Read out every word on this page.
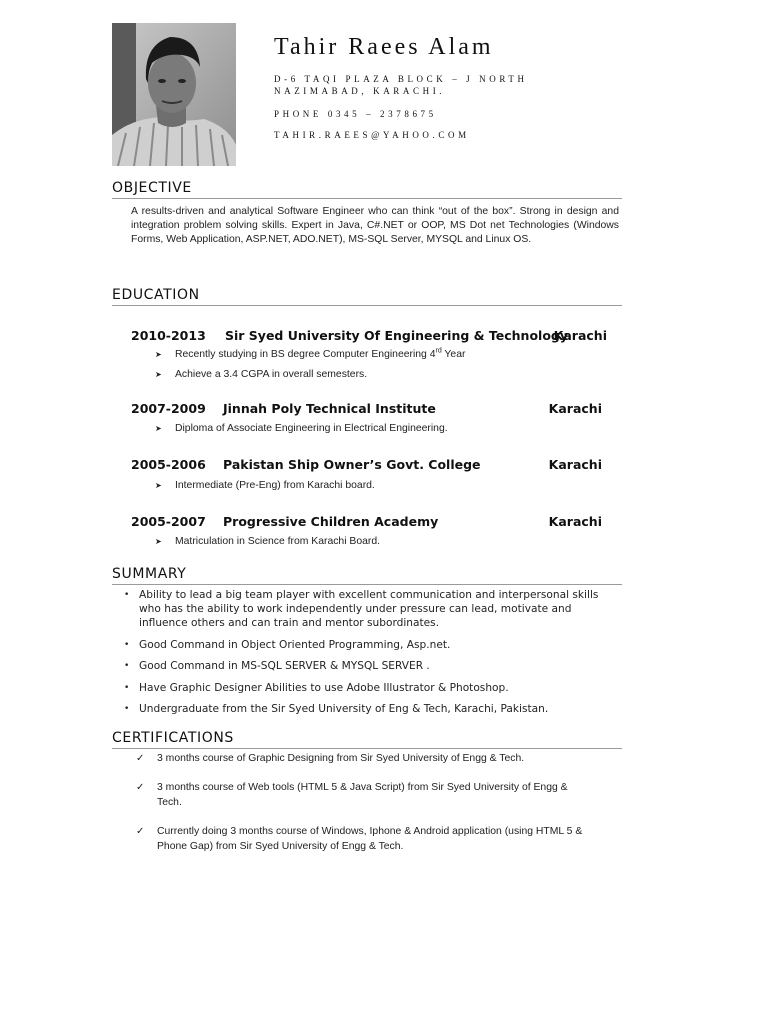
Tahir Raees Alam

D-6 TAQI PLAZA BLOCK – J NORTH NAZIMABAD, KARACHI.

PHONE 0345 – 2378675

TAHIR.RAEES@YAHOO.COM

OBJECTIVE

A results-driven and analytical Software Engineer who can think “out of the box”. Strong in design and integration problem solving skills. Expert in Java, C#.NET or OOP, MS Dot net Technologies (Windows Forms, Web Application, ASP.NET, ADO.NET), MS-SQL Server, MYSQL and Linux OS.

EDUCATION
2010-2013 Sir Syed University Of Engineering & Technology
Karachi
➤ Recently studying in BS degree Computer Engineering 4rd Year
➤ Achieve a 3.4 CGPA in overall semesters.
2007-2009 Jinnah Poly Technical Institute	Karachi
➤ Diploma of Associate Engineering in Electrical Engineering.
2005-2006 Pakistan Ship Owner’s Govt. College	Karachi
➤ Intermediate (Pre-Eng) from Karachi board.
2005-2007 Progressive Children Academy	Karachi
➤ Matriculation in Science from Karachi Board.
SUMMARY
• Ability to lead a big team player with excellent communication and interpersonal skills who has the ability to work independently under pressure can lead, motivate and influence others and can train and mentor subordinates.
• Good Command in Object Oriented Programming, Asp.net.
• Good Command in MS-SQL SERVER & MYSQL SERVER .
• Have Graphic Designer Abilities to use Adobe Illustrator & Photoshop.
• Undergraduate from the Sir Syed University of Eng & Tech, Karachi, Pakistan.
CERTIFICATIONS
✓ 3 months course of Graphic Designing from Sir Syed University of Engg & Tech.
✓ 3 months course of Web tools (HTML 5 & Java Script) from Sir Syed University of Engg & Tech.
✓ Currently doing 3 months course of Windows, Iphone & Android application (using HTML 5 & Phone Gap) from Sir Syed University of Engg & Tech.
